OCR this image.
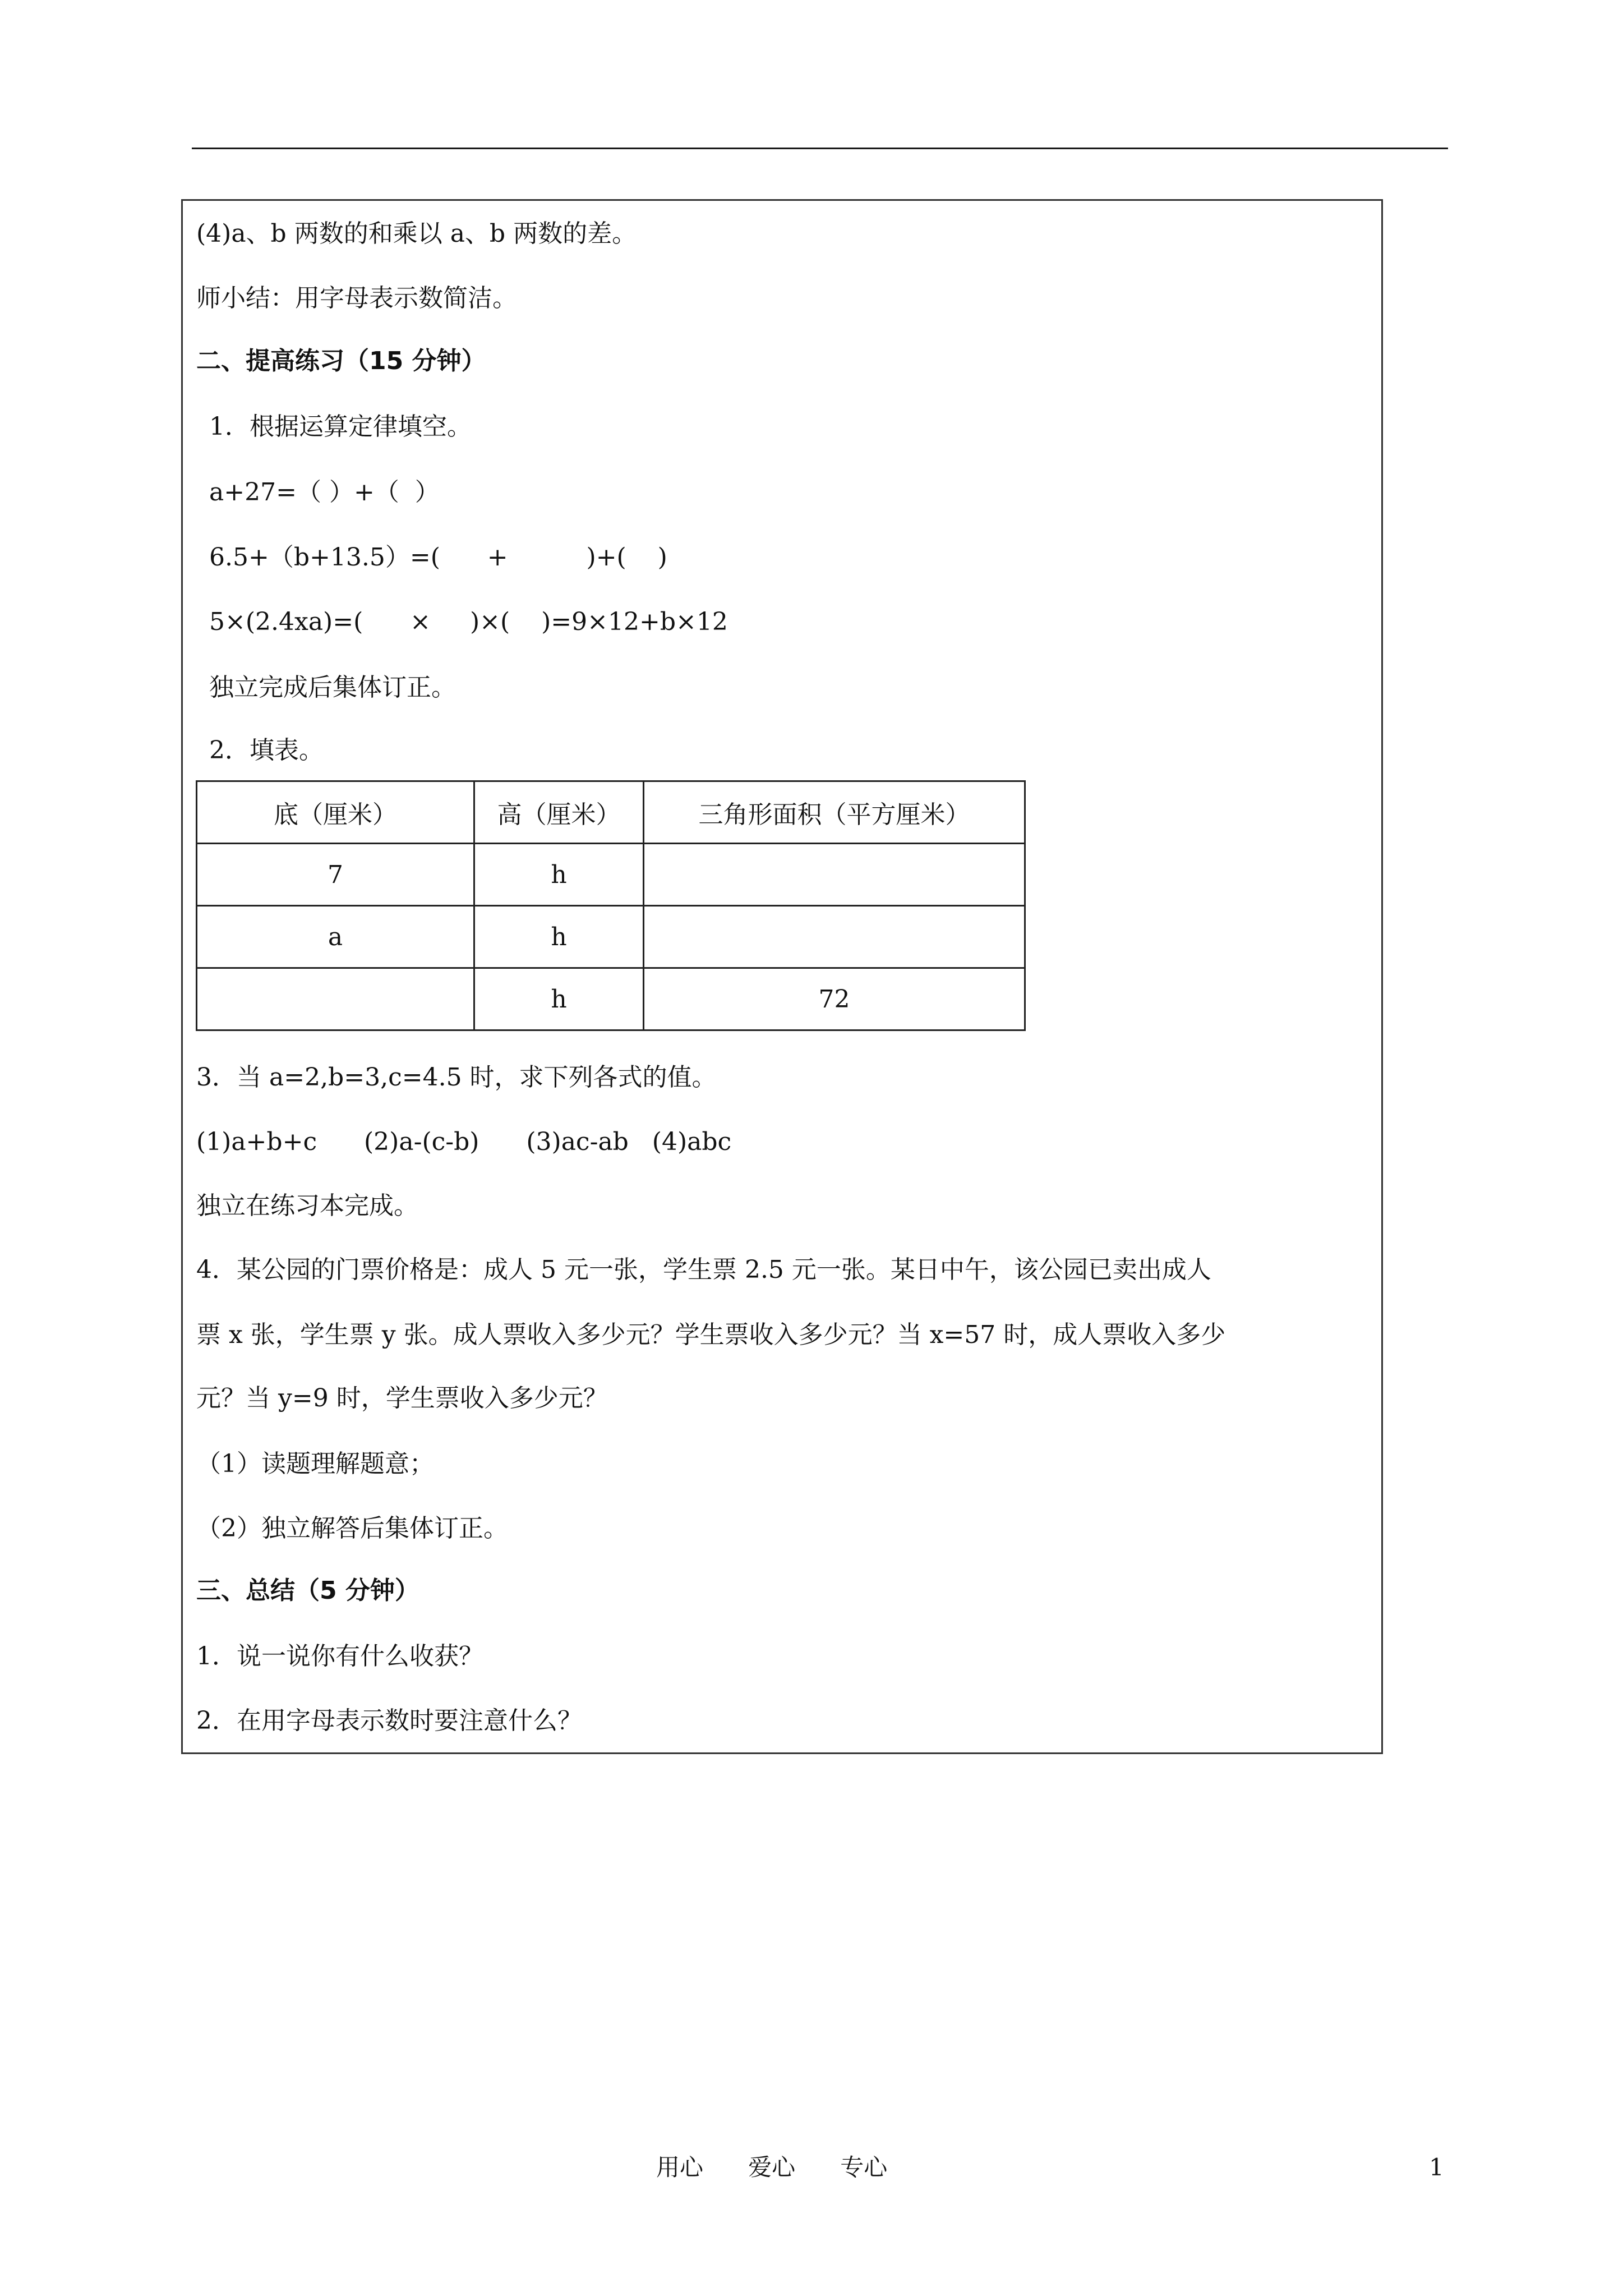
(4)a、b 两数的和乘以 a、b 两数的差。

师小结：用字母表示数简洁。

二、提高练习（15 分钟）

1．根据运算定律填空。

a+27=（ ）+（  ）

6.5+（b+13.5）=(      +          )+(    )

5×(2.4xa)=(      ×     )×(    )=9×12+b×12

独立完成后集体订正。

2．填表。

底（厘米）	高（厘米）	三角形面积（平方厘米）
7	h	
a	h	
	h	72

3．当 a=2,b=3,c=4.5 时，求下列各式的值。

(1)a+b+c      (2)a-(c-b)      (3)ac-ab   (4)abc

独立在练习本完成。

4．某公园的门票价格是：成人 5 元一张，学生票 2.5 元一张。某日中午，该公园已卖出成人

票 x 张，学生票 y 张。成人票收入多少元？学生票收入多少元？当 x=57 时，成人票收入多少

元？当 y=9 时，学生票收入多少元？

（1）读题理解题意；

（2）独立解答后集体订正。

三、总结（5 分钟）

1．说一说你有什么收获？

2．在用字母表示数时要注意什么？

用心      爱心      专心	1
